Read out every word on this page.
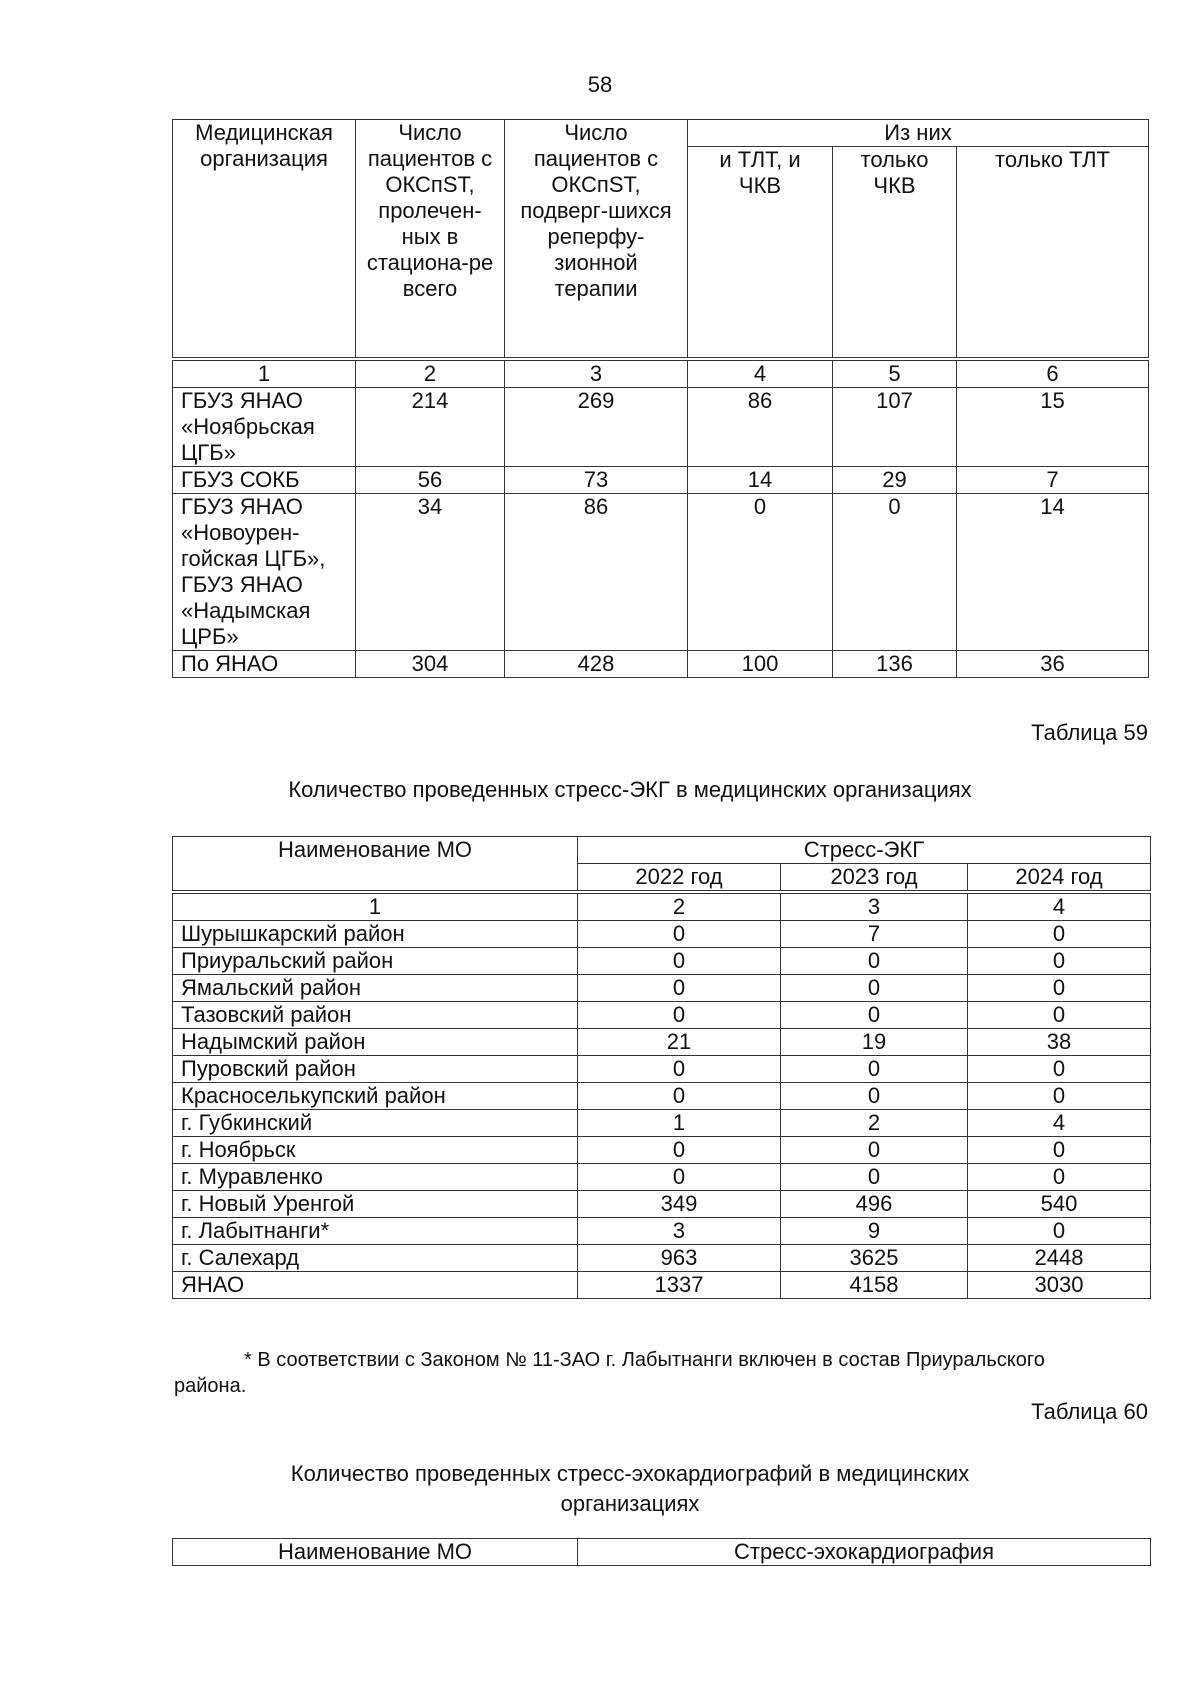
58
Медицинская организация	Число пациентов с ОКСпST, пролечен-ных в стациона-ре всего	Число пациентов с ОКСпST, подверг-шихся реперфу-зионной терапии	Из них		
			и ТЛТ, и ЧКВ	только ЧКВ	только ТЛТ
1	2	3	4	5	6
ГБУЗ ЯНАО «Ноябрьская ЦГБ»	214	269	86	107	15
ГБУЗ СОКБ	56	73	14	29	7
ГБУЗ ЯНАО «Новоурен-гойская ЦГБ», ГБУЗ ЯНАО «Надымская ЦРБ»	34	86	0	0	14
По ЯНАО	304	428	100	136	36
Таблица 59
Количество проведенных стресс-ЭКГ в медицинских организациях
Наименование МО	Стресс-ЭКГ		
	2022 год	2023 год	2024 год
1	2	3	4
Шурышкарский район	0	7	0
Приуральский район	0	0	0
Ямальский район	0	0	0
Тазовский район	0	0	0
Надымский район	21	19	38
Пуровский район	0	0	0
Красноселькупский район	0	0	0
г. Губкинский	1	2	4
г. Ноябрьск	0	0	0
г. Муравленко	0	0	0
г. Новый Уренгой	349	496	540
г. Лабытнанги*	3	9	0
г. Салехард	963	3625	2448
ЯНАО	1337	4158	3030
* В соответствии с Законом № 11-ЗАО г. Лабытнанги включен в состав Приуральского
района.
Таблица 60
Количество проведенных стресс-эхокардиографий в медицинских
организациях
Наименование МО	Стресс-эхокардиография
